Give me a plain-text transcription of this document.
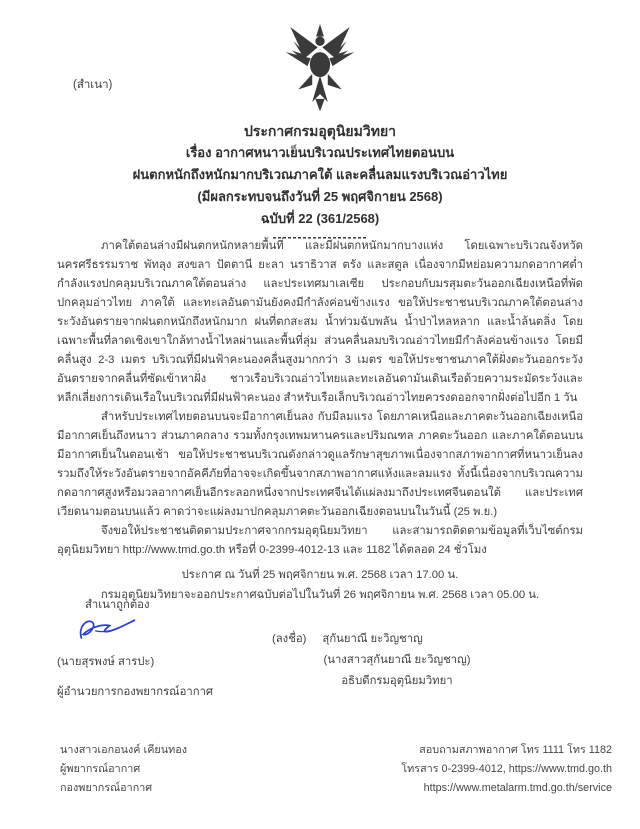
(สำเนา)
ประกาศกรมอุตุนิยมวิทยา
เรื่อง อากาศหนาวเย็นบริเวณประเทศไทยตอนบน
ฝนตกหนักถึงหนักมากบริเวณภาคใต้ และคลื่นลมแรงบริเวณอ่าวไทย
(มีผลกระทบจนถึงวันที่ 25 พฤศจิกายน 2568)
ฉบับที่ 22 (361/2568)
-------------------

ภาคใต้ตอนล่างมีฝนตกหนักหลายพื้นที่ และมีฝนตกหนักมากบางแห่ง โดยเฉพาะบริเวณจังหวัดนครศรีธรรมราช พัทลุง สงขลา ปัตตานี ยะลา นราธิวาส ตรัง และสตูล เนื่องจากมีหย่อมความกดอากาศต่ำกำลังแรงปกคลุมบริเวณภาคใต้ตอนล่าง และประเทศมาเลเซีย ประกอบกับมรสุมตะวันออกเฉียงเหนือที่พัดปกคลุมอ่าวไทย ภาคใต้ และทะเลอันดามันยังคงมีกำลังค่อนข้างแรง ขอให้ประชาชนบริเวณภาคใต้ตอนล่างระวังอันตรายจากฝนตกหนักถึงหนักมาก ฝนที่ตกสะสม น้ำท่วมฉับพลัน น้ำป่าไหลหลาก และน้ำล้นตลิ่ง โดยเฉพาะพื้นที่ลาดเชิงเขาใกล้ทางน้ำไหลผ่านและพื้นที่ลุ่ม ส่วนคลื่นลมบริเวณอ่าวไทยมีกำลังค่อนข้างแรง โดยมีคลื่นสูง 2-3 เมตร บริเวณที่มีฝนฟ้าคะนองคลื่นสูงมากกว่า 3 เมตร ขอให้ประชาชนภาคใต้ฝั่งตะวันออกระวังอันตรายจากคลื่นที่ซัดเข้าหาฝั่ง ชาวเรือบริเวณอ่าวไทยและทะเลอันดามันเดินเรือด้วยความระมัดระวังและหลีกเลี่ยงการเดินเรือในบริเวณที่มีฝนฟ้าคะนอง สำหรับเรือเล็กบริเวณอ่าวไทยควรงดออกจากฝั่งต่อไปอีก 1 วัน

สำหรับประเทศไทยตอนบนจะมีอากาศเย็นลง กับมีลมแรง โดยภาคเหนือและภาคตะวันออกเฉียงเหนือมีอากาศเย็นถึงหนาว ส่วนภาคกลาง รวมทั้งกรุงเทพมหานครและปริมณฑล ภาคตะวันออก และภาคใต้ตอนบนมีอากาศเย็นในตอนเช้า ขอให้ประชาชนบริเวณดังกล่าวดูแลรักษาสุขภาพเนื่องจากสภาพอากาศที่หนาวเย็นลง รวมถึงให้ระวังอันตรายจากอัคคีภัยที่อาจจะเกิดขึ้นจากสภาพอากาศแห้งและลมแรง ทั้งนี้เนื่องจากบริเวณความกดอากาศสูงหรือมวลอากาศเย็นอีกระลอกหนึ่งจากประเทศจีนได้แผ่ลงมาถึงประเทศจีนตอนใต้ และประเทศเวียดนามตอนบนแล้ว คาดว่าจะแผ่ลงมาปกคลุมภาคตะวันออกเฉียงตอนบนในวันนี้ (25 พ.ย.)

จึงขอให้ประชาชนติดตามประกาศจากกรมอุตุนิยมวิทยา และสามารถติดตามข้อมูลที่เว็บไซต์กรมอุตุนิยมวิทยา http://www.tmd.go.th หรือที่ 0-2399-4012-13 และ 1182 ได้ตลอด 24 ชั่วโมง

ประกาศ ณ วันที่ 25 พฤศจิกายน พ.ศ. 2568 เวลา 17.00 น.
กรมอุตุนิยมวิทยาจะออกประกาศฉบับต่อไปในวันที่ 26 พฤศจิกายน พ.ศ. 2568 เวลา 05.00 น.
(ลงชื่อ) สุกันยาณี ยะวิญชาญ
(นางสาวสุกันยาณี ยะวิญชาญ)
อธิบดีกรมอุตุนิยมวิทยา
สำเนาถูกต้อง
(นายสุรพงษ์ สารปะ)
ผู้อำนวยการกองพยากรณ์อากาศ
นางสาวเอกอนงค์ เคียนทอง
ผู้พยากรณ์อากาศ
กองพยากรณ์อากาศ
สอบถามสภาพอากาศ โทร 1111 โทร 1182
โทรสาร 0-2399-4012, https://www.tmd.go.th
https://www.metalarm.tmd.go.th/service
